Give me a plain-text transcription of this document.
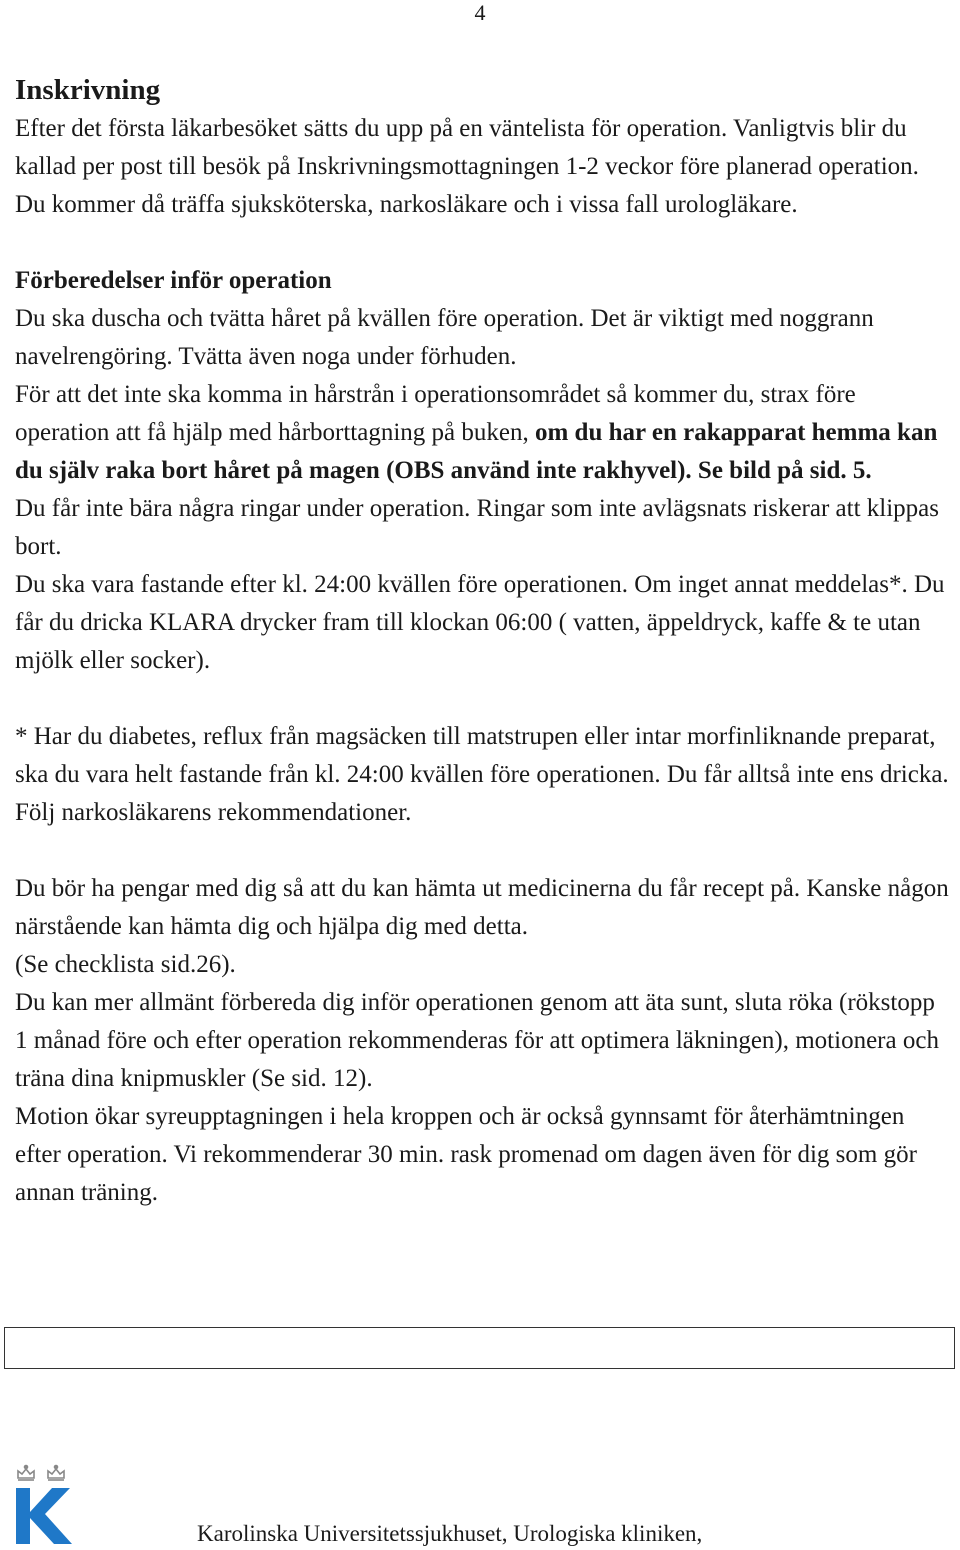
4
Inskrivning

Efter det första läkarbesöket sätts du upp på en väntelista för operation. Vanligtvis blir du kallad per post till besök på Inskrivningsmottagningen 1-2 veckor före planerad operation. Du kommer då träffa sjuksköterska, narkosläkare och i vissa fall urologläkare.

Förberedelser inför operation

Du ska duscha och tvätta håret på kvällen före operation. Det är viktigt med noggrann navelrengöring. Tvätta även noga under förhuden.

För att det inte ska komma in hårstrån i operationsområdet så kommer du, strax före operation att få hjälp med hårborttagning på buken, om du har en rakapparat hemma kan du själv raka bort håret på magen (OBS använd inte rakhyvel). Se bild på sid. 5.

Du får inte bära några ringar under operation. Ringar som inte avlägsnats riskerar att klippas bort.

Du ska vara fastande efter kl. 24:00 kvällen före operationen. Om inget annat meddelas*. Du får du dricka KLARA drycker fram till klockan 06:00 ( vatten, äppeldryck, kaffe & te utan mjölk eller socker).

* Har du diabetes, reflux från magsäcken till matstrupen eller intar morfinliknande preparat, ska du vara helt fastande från kl. 24:00 kvällen före operationen. Du får alltså inte ens dricka. Följ narkosläkarens rekommendationer.

Du bör ha pengar med dig så att du kan hämta ut medicinerna du får recept på. Kanske någon närstående kan hämta dig och hjälpa dig med detta.

(Se checklista sid.26).

Du kan mer allmänt förbereda dig inför operationen genom att äta sunt, sluta röka (rökstopp 1 månad före och efter operation rekommenderas för att optimera läkningen), motionera och träna dina knipmuskler (Se sid. 12).

Motion ökar syreupptagningen i hela kroppen och är också gynnsamt för återhämtningen efter operation. Vi rekommenderar 30 min. rask promenad om dagen även för dig som gör annan träning.

Karolinska Universitetssjukhuset, Urologiska kliniken,
